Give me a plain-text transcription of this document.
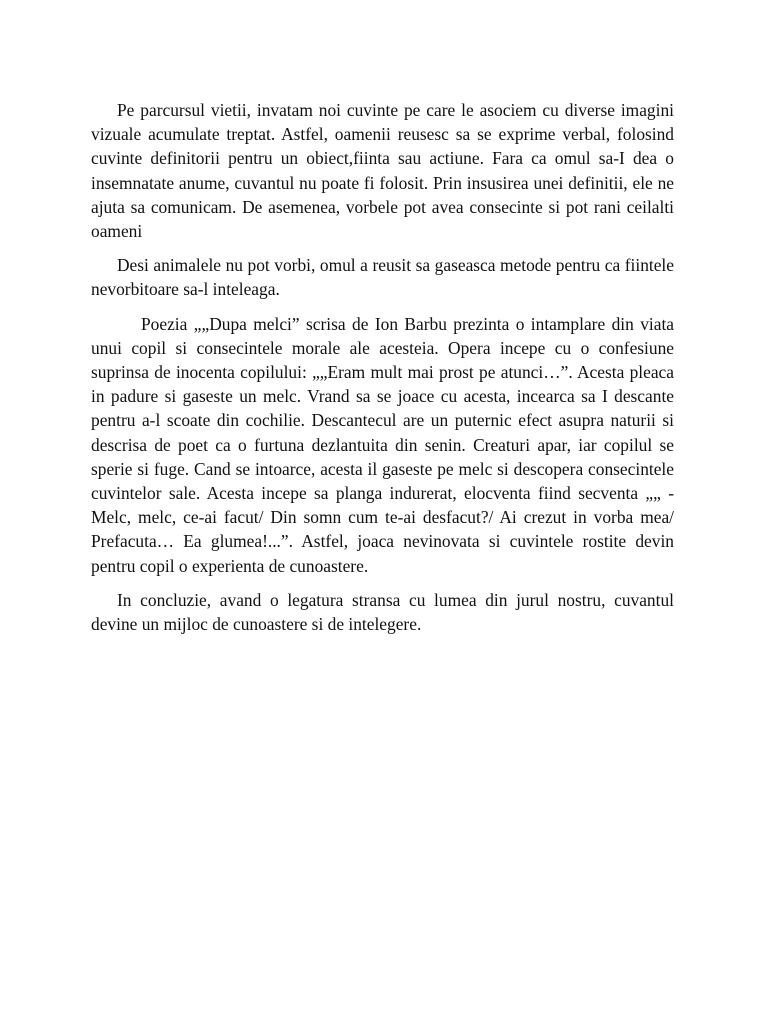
Pe parcursul vietii, invatam noi cuvinte pe care le asociem cu diverse imagini vizuale acumulate treptat. Astfel, oamenii reusesc sa se exprime verbal, folosind cuvinte definitorii pentru un obiect,fiinta sau actiune. Fara ca omul sa-I dea o insemnatate anume, cuvantul nu poate fi folosit. Prin insusirea unei definitii, ele ne ajuta sa comunicam. De asemenea, vorbele pot avea consecinte si pot rani ceilalti oameni

Desi animalele nu pot vorbi, omul a reusit sa gaseasca metode pentru ca fiintele nevorbitoare sa-l inteleaga.

Poezia „„Dupa melci” scrisa de Ion Barbu prezinta o intamplare din viata unui copil si consecintele morale ale acesteia. Opera incepe cu o confesiune suprinsa de inocenta copilului: „„Eram mult mai prost pe atunci…”. Acesta pleaca in padure si gaseste un melc. Vrand sa se joace cu acesta, incearca sa I descante pentru a-l scoate din cochilie. Descantecul are un puternic efect asupra naturii si descrisa de poet ca o furtuna dezlantuita din senin. Creaturi apar, iar copilul se sperie si fuge. Cand se intoarce, acesta il gaseste pe melc si descopera consecintele cuvintelor sale. Acesta incepe sa planga indurerat, elocventa fiind secventa „„ -Melc, melc, ce-ai facut/ Din somn cum te-ai desfacut?/ Ai crezut in vorba mea/ Prefacuta… Ea glumea!...”. Astfel, joaca nevinovata si cuvintele rostite devin pentru copil o experienta de cunoastere.

In concluzie, avand o legatura stransa cu lumea din jurul nostru, cuvantul devine un mijloc de cunoastere si de intelegere.
